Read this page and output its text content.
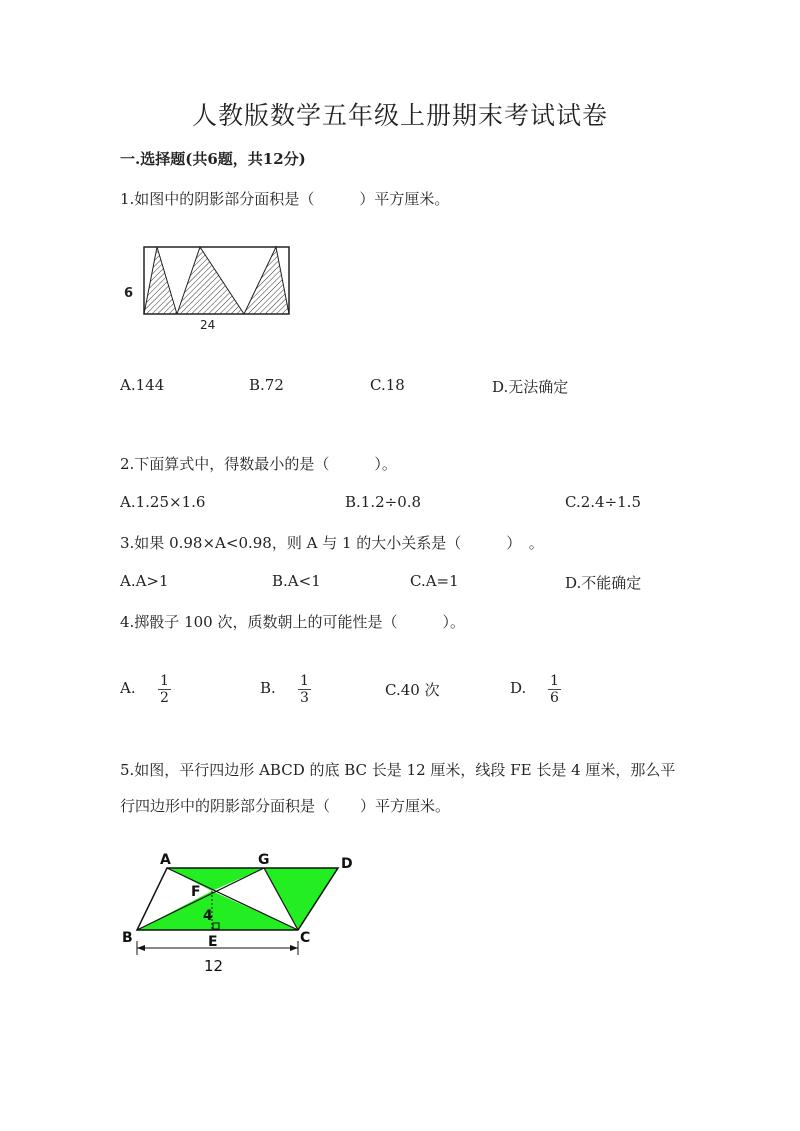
人教版数学五年级上册期末考试试卷
一.选择题(共6题，共12分)
1.如图中的阴影部分面积是（　　　）平方厘米。
6
24
A.144	B.72	C.18	D.无法确定
2.下面算式中，得数最小的是（　　　）。
A.1.25×1.6	B.1.2÷0.8	C.2.4÷1.5
3.如果 0.98×A<0.98，则 A 与 1 的大小关系是（　　　）　。
A.A>1	B.A<1	C.A=1	D.不能确定
4.掷骰子 100 次，质数朝上的可能性是（　　　）。
A. $\frac{1}{2}$	B. $\frac{1}{3}$	C.40 次	D. $\frac{1}{6}$
5.如图，平行四边形 ABCD 的底 BC 长是 12 厘米，线段 FE 长是 4 厘米，那么平
行四边形中的阴影部分面积是（　　）平方厘米。
A	G	D
F
4
B	E	C
12
